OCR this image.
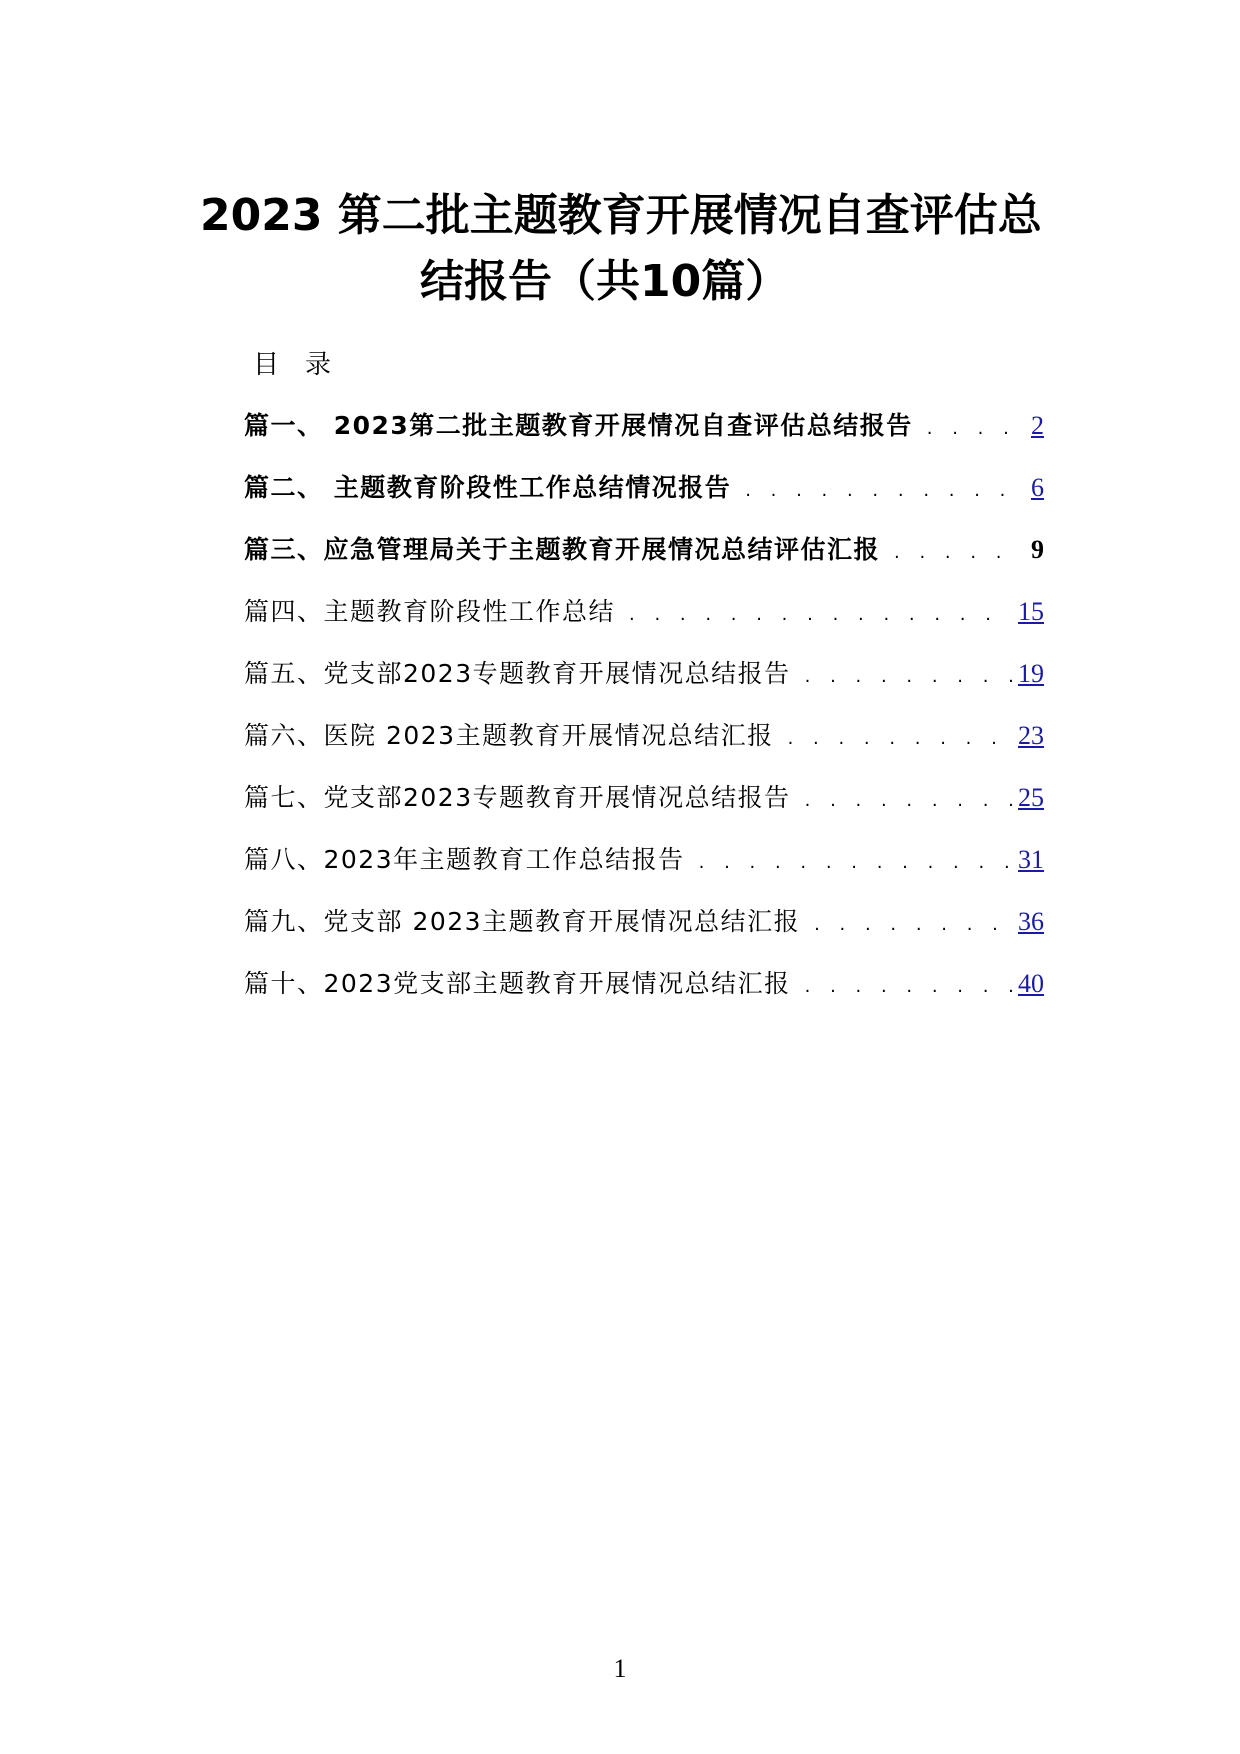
2023 第二批主题教育开展情况自查评估总
结报告（共10篇）
目录
篇一、 2023第二批主题教育开展情况自查评估总结报告 . . .	2
篇二、 主题教育阶段性工作总结情况报告 . . .	6
篇三、应急管理局关于主题教育开展情况总结评估汇报 . . .	9
篇四、主题教育阶段性工作总结 . . .	15
篇五、党支部2023专题教育开展情况总结报告 . . .	19
篇六、医院 2023主题教育开展情况总结汇报 . . .	23
篇七、党支部2023专题教育开展情况总结报告 . . .	25
篇八、2023年主题教育工作总结报告 . . .	31
篇九、党支部 2023主题教育开展情况总结汇报 . . .	36
篇十、2023党支部主题教育开展情况总结汇报 . . .	40
1
